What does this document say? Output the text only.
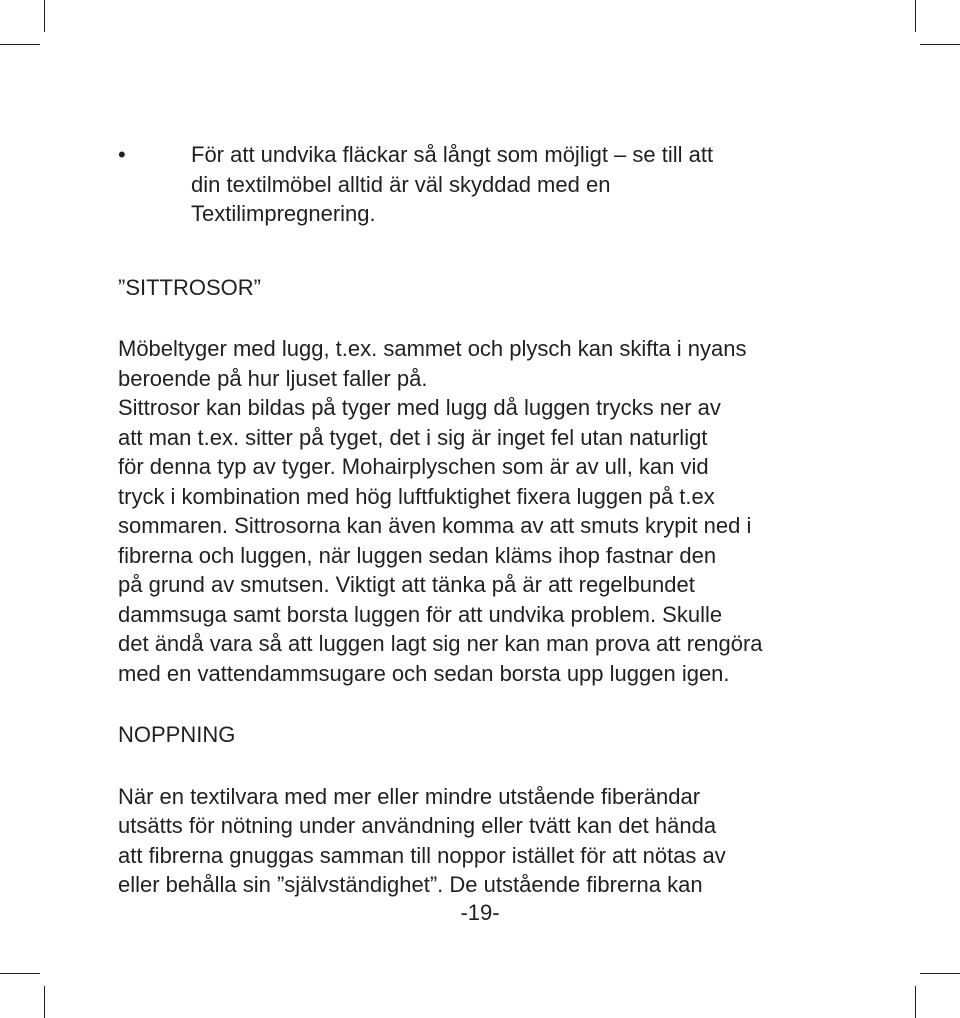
•	För att undvika fläckar så långt som möjligt – se till att
din textilmöbel alltid är väl skyddad med en
Textilimpregnering.
”SITTROSOR”
Möbeltyger med lugg, t.ex. sammet och plysch kan skifta i nyans
beroende på hur ljuset faller på.
Sittrosor kan bildas på tyger med lugg då luggen trycks ner av
att man t.ex. sitter på tyget, det i sig är inget fel utan naturligt
för denna typ av tyger. Mohairplyschen som är av ull, kan vid
tryck i kombination med hög luftfuktighet fixera luggen på t.ex
sommaren. Sittrosorna kan även komma av att smuts krypit ned i
fibrerna och luggen, när luggen sedan kläms ihop fastnar den
på grund av smutsen. Viktigt att tänka på är att regelbundet
dammsuga samt borsta luggen för att undvika problem. Skulle
det ändå vara så att luggen lagt sig ner kan man prova att rengöra
med en vattendammsugare och sedan borsta upp luggen igen.
NOPPNING
När en textilvara med mer eller mindre utstående fiberändar
utsätts för nötning under användning eller tvätt kan det hända
att fibrerna gnuggas samman till noppor istället för att nötas av
eller behålla sin ”självständighet”. De utstående fibrerna kan
-19-
